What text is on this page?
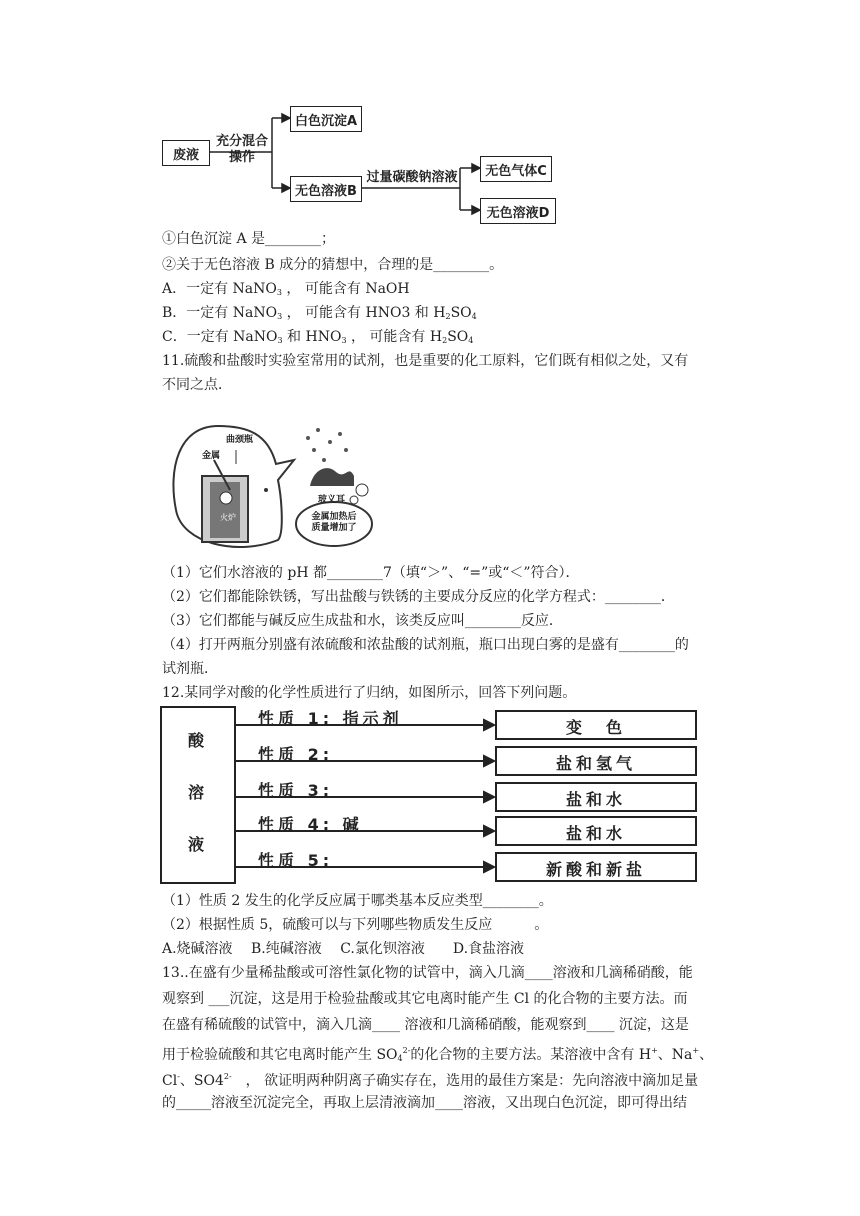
废液
充分混合
操作
白色沉淀A
无色溶液B
过量碳酸钠溶液	无色气体C
无色溶液D
①白色沉淀 A 是________；
②关于无色溶液 B 成分的猜想中，合理的是________。
A．一定有 NaNO3 ， 可能含有 NaOH
B．一定有 NaNO3 ， 可能含有 HNO3 和 H2SO4
C．一定有 NaNO3 和 HNO3 ， 可能含有 H2SO4
11.硫酸和盐酸时实验室常用的试剂，也是重要的化工原料，它们既有相似之处，又有
不同之点．
金属
曲颈瓶
火炉
玻义耳
金属加热后
质量增加了
（1）它们水溶液的 pH 都________7（填“＞”、“=”或“＜”符合）．
（2）它们都能除铁锈，写出盐酸与铁锈的主要成分反应的化学方程式：________．
（3）它们都能与碱反应生成盐和水，该类反应叫________反应．
（4）打开两瓶分别盛有浓硫酸和浓盐酸的试剂瓶，瓶口出现白雾的是盛有________的
试剂瓶．
12.某同学对酸的化学性质进行了归纳，如图所示，回答下列问题。
酸
溶
液
性质 1: 指示剂
性质 2:
性质 3:
性质 4: 碱
性质 5:
变　色
盐和氢气
盐和水
盐和水
新酸和新盐
（1）性质 2 发生的化学反应属于哪类基本反应类型________。
（2）根据性质 5，硫酸可以与下列哪些物质发生反应　　　。
A.烧碱溶液　 B.纯碱溶液　 C.氯化钡溶液　　D.食盐溶液
13..在盛有少量稀盐酸或可溶性氯化物的试管中，滴入几滴____溶液和几滴稀硝酸，能
观察到 ___沉淀，这是用于检验盐酸或其它电离时能产生 Cl 的化合物的主要方法。而
在盛有稀硫酸的试管中，滴入几滴____ 溶液和几滴稀硝酸，能观察到____ 沉淀，这是
用于检验硫酸和其它电离时能产生 $SO4^{2-}$的化合物的主要方法。某溶液中含有 H+、Na+、
Cl-、$SO4^{2-}$　， 欲证明两种阴离子确实存在，选用的最佳方案是：先向溶液中滴加足量
的_____溶液至沉淀完全，再取上层清液滴加____溶液，又出现白色沉淀，即可得出结
